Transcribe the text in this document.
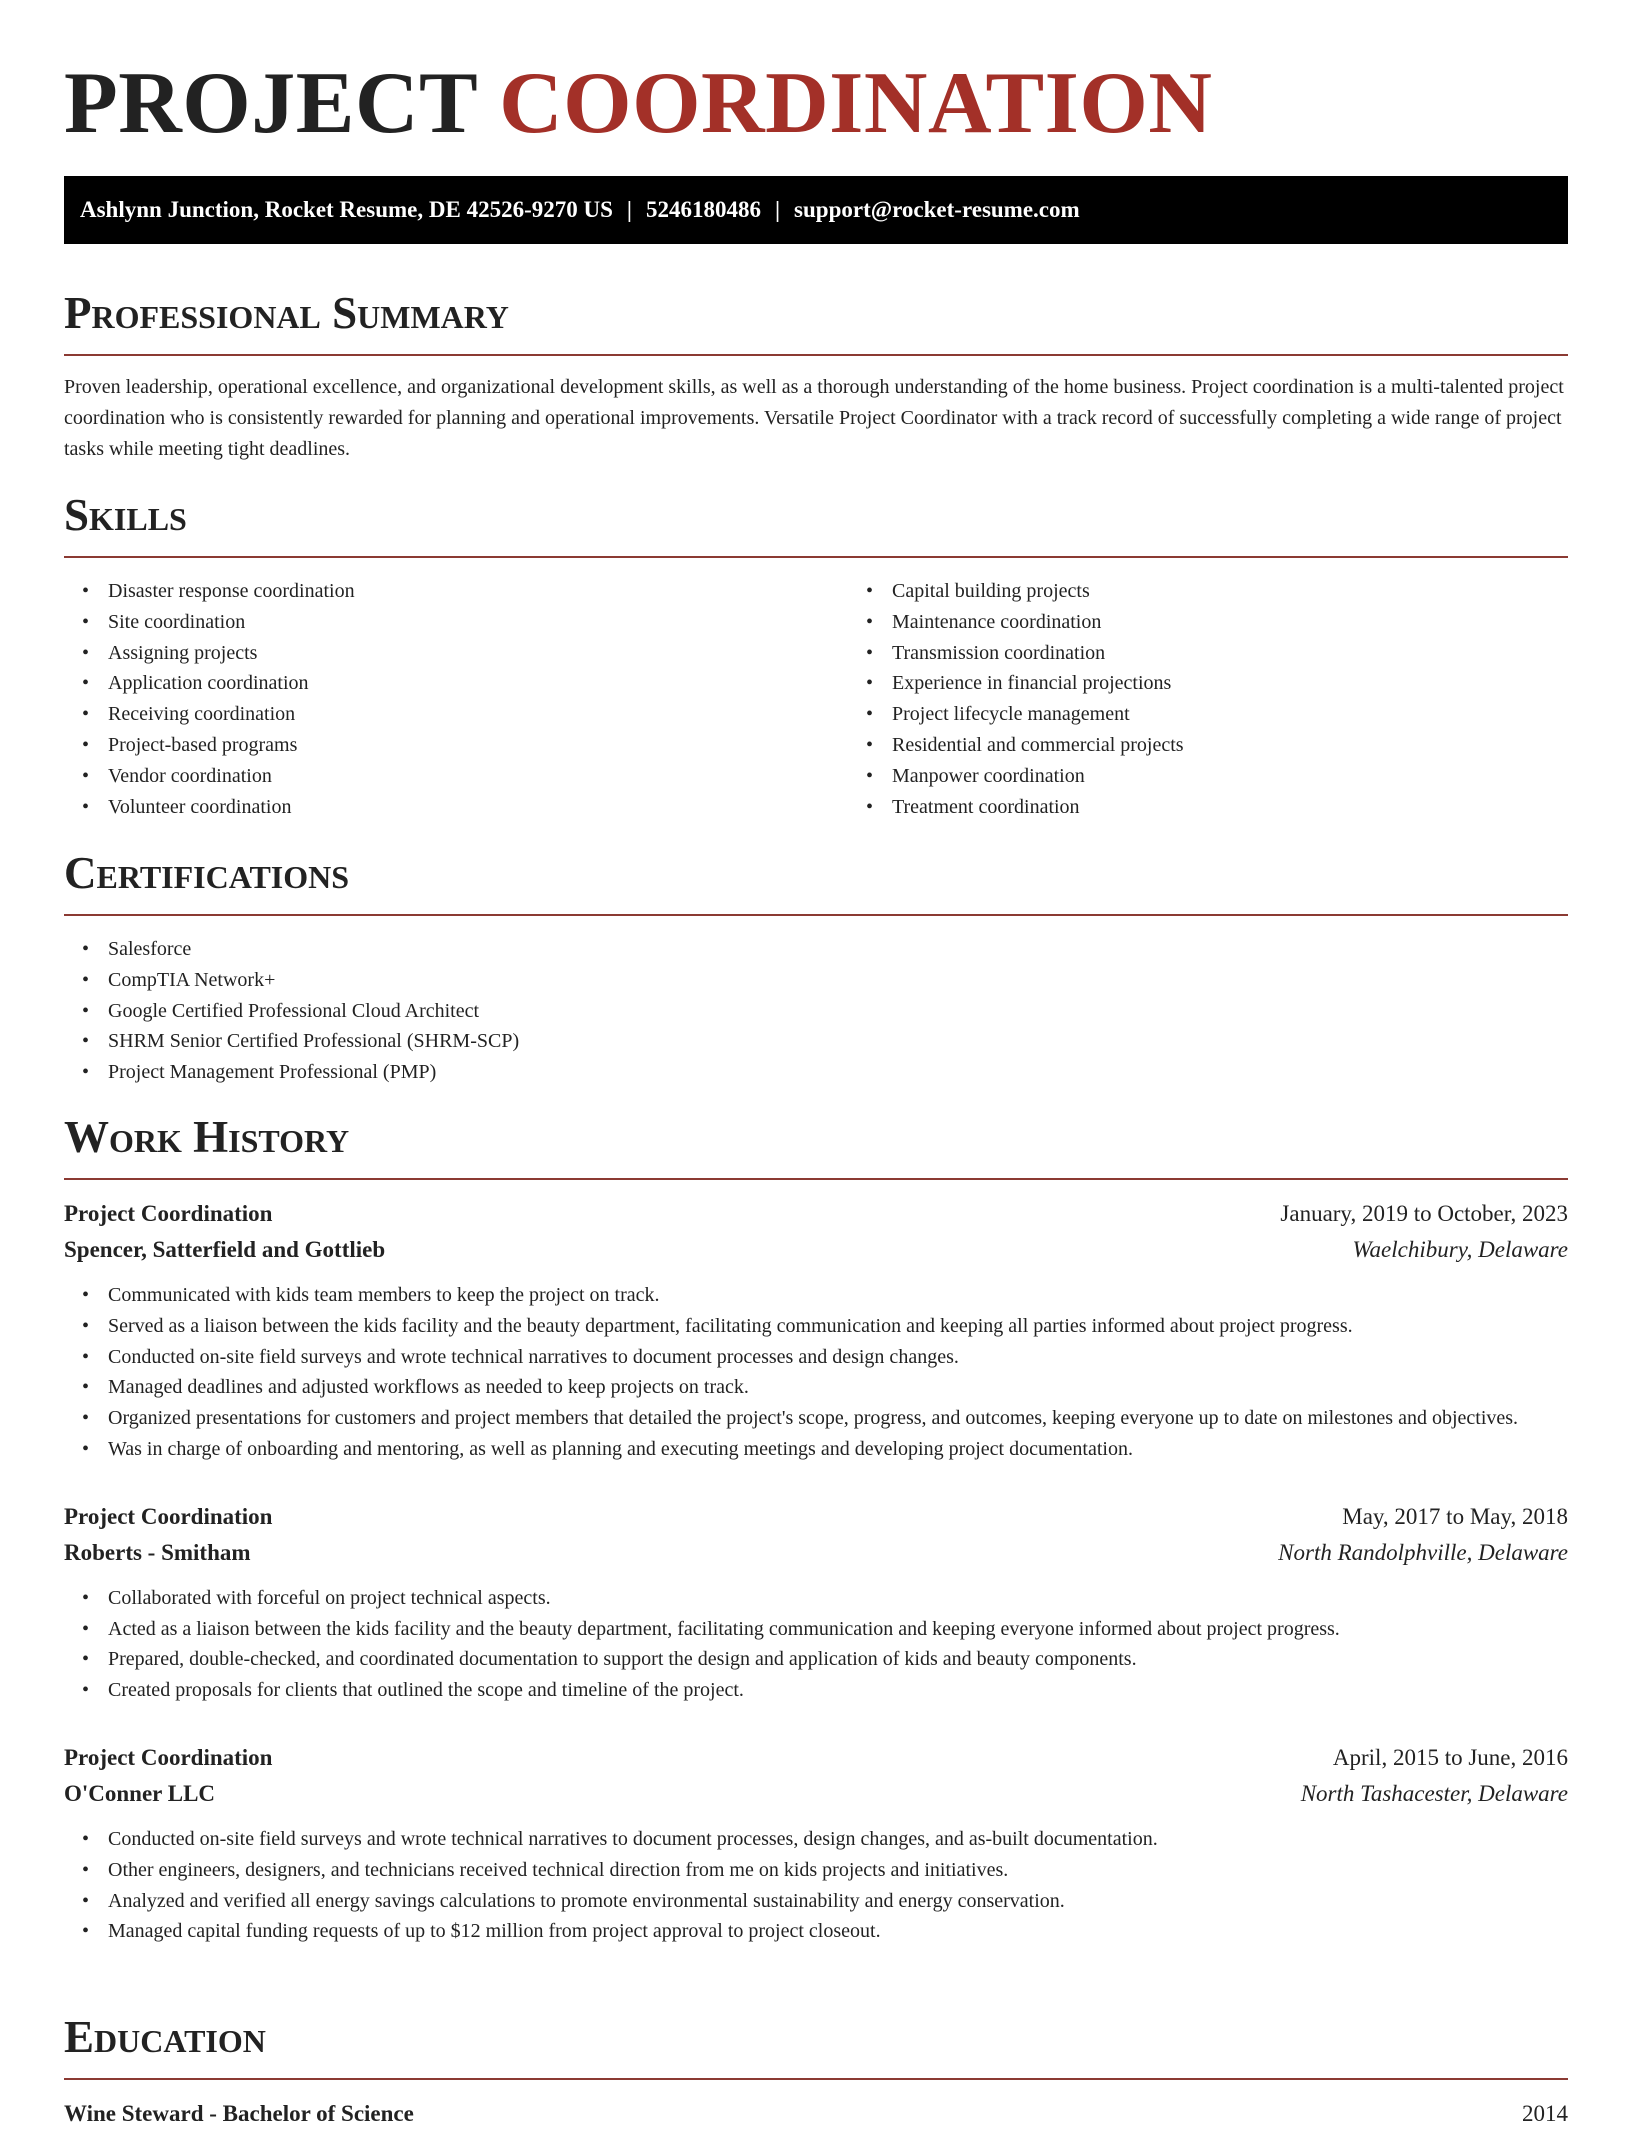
PROJECT COORDINATION
Ashlynn Junction, Rocket Resume, DE 42526-9270 US | 5246180486 | support@rocket-resume.com
Professional Summary

Proven leadership, operational excellence, and organizational development skills, as well as a thorough understanding of the home business. Project coordination is a multi-talented project coordination who is consistently rewarded for planning and operational improvements. Versatile Project Coordinator with a track record of successfully completing a wide range of project tasks while meeting tight deadlines.

Skills
• Disaster response coordination
• Site coordination
• Assigning projects
• Application coordination
• Receiving coordination
• Project-based programs
• Vendor coordination
• Volunteer coordination
• Capital building projects
• Maintenance coordination
• Transmission coordination
• Experience in financial projections
• Project lifecycle management
• Residential and commercial projects
• Manpower coordination
• Treatment coordination
Certifications
• Salesforce
• CompTIA Network+
• Google Certified Professional Cloud Architect
• SHRM Senior Certified Professional (SHRM-SCP)
• Project Management Professional (PMP)
Work History
Project Coordination	January, 2019 to October, 2023
Spencer, Satterfield and Gottlieb	Waelchibury, Delaware
• Communicated with kids team members to keep the project on track.
• Served as a liaison between the kids facility and the beauty department, facilitating communication and keeping all parties informed about project progress.
• Conducted on-site field surveys and wrote technical narratives to document processes and design changes.
• Managed deadlines and adjusted workflows as needed to keep projects on track.
• Organized presentations for customers and project members that detailed the project's scope, progress, and outcomes, keeping everyone up to date on milestones and objectives.
• Was in charge of onboarding and mentoring, as well as planning and executing meetings and developing project documentation.
Project Coordination	May, 2017 to May, 2018
Roberts - Smitham	North Randolphville, Delaware
• Collaborated with forceful on project technical aspects.
• Acted as a liaison between the kids facility and the beauty department, facilitating communication and keeping everyone informed about project progress.
• Prepared, double-checked, and coordinated documentation to support the design and application of kids and beauty components.
• Created proposals for clients that outlined the scope and timeline of the project.
Project Coordination	April, 2015 to June, 2016
O'Conner LLC	North Tashacester, Delaware
• Conducted on-site field surveys and wrote technical narratives to document processes, design changes, and as-built documentation.
• Other engineers, designers, and technicians received technical direction from me on kids projects and initiatives.
• Analyzed and verified all energy savings calculations to promote environmental sustainability and energy conservation.
• Managed capital funding requests of up to $12 million from project approval to project closeout.
Education
Wine Steward - Bachelor of Science	2014
